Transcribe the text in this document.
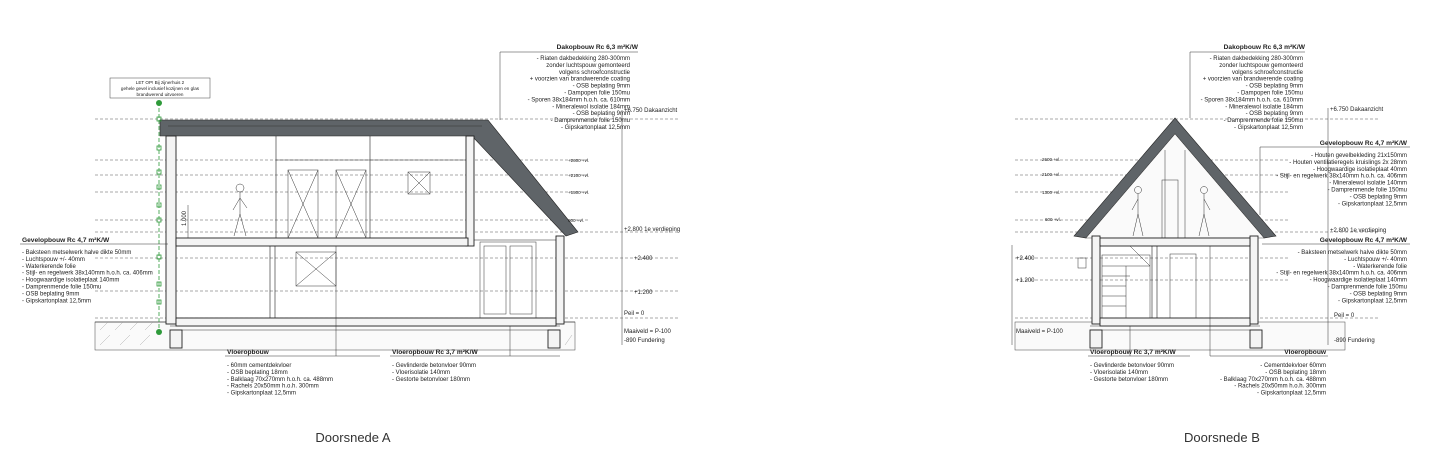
1.000
LET OP! Bij zijnerhuis 2
gehele gevel inclusief kozijnen en glas
brandwerend uitvoeren
+2600 +vl.
+2100 +vl.
+1500 +vl.
600 +vl.
+6.750 Dakaanzicht
+2.800 1e verdieping
+2.400
+1.200
Peil = 0
Maaiveld = P-100
-890 Fundering
Dakopbouw Rc 6,3 m²K/W
- Riaten dakbedekking 280-300mm
zonder luchtspouw gemonteerd
volgens schroefconstructie
+ voorzien van brandwerende coating
- OSB beplating 9mm
- Dampopen folie 150mu
- Sporen 38x184mm h.o.h. ca. 610mm
- Mineralewol isolatie 184mm
- OSB beplating 9mm
- Damprenmende folie 150mu
- Gipskartonplaat 12,5mm
Gevelopbouw Rc 4,7 m²K/W
- Baksteen metselwerk halve dikte 50mm
- Luchtspouw +/- 40mm
- Waterkerende folie
- Stijl- en regelwerk 38x140mm h.o.h. ca. 406mm
- Hoogwaardige isolatieplaat 140mm
- Damprenmende folie 150mu
- OSB beplating 9mm
- Gipskartonplaat 12,5mm
Vloeropbouw
- 60mm cementdekvloer
- OSB beplating 18mm
- Balklaag 70x270mm h.o.h. ca. 488mm
- Rachels 20x50mm h.o.h. 300mm
- Gipskartonplaat 12,5mm
Vloeropbouw Rc 3,7 m²K/W
- Gevlinderde betonvloer 90mm
- Vloerisolatie 140mm
- Gestorte betonvloer 180mm
Doorsnede A
2600 +vl.
2100 +vl.
1300 +vl.
600 +vl.
+2.400
+1.200
Maaiveld = P-100
+6.750 Dakaanzicht
+2.800 1e verdieping
Peil = 0
-890 Fundering
Dakopbouw Rc 6,3 m²K/W
- Riaten dakbedekking 280-300mm
zonder luchtspouw gemonteerd
volgens schroefconstructie
+ voorzien van brandwerende coating
- OSB beplating 9mm
- Dampopen folie 150mu
- Sporen 38x184mm h.o.h. ca. 610mm
- Mineralewol isolatie 184mm
- OSB beplating 9mm
- Damprenmende folie 150mu
- Gipskartonplaat 12,5mm
Gevelopbouw Rc 4,7 m²K/W
- Houten gevelbekleding 21x150mm
- Houten ventilatieregels kruislings 2x 28mm
- Hoogwaardige isolatieplaat 40mm
- Stijl- en regelwerk 38x140mm h.o.h. ca. 406mm
- Mineralewol isolatie 140mm
- Damprenmende folie 150mu
- OSB beplating 9mm
- Gipskartonplaat 12,5mm
Gevelopbouw Rc 4,7 m²K/W
- Baksteen metselwerk halve dikte 50mm
- Luchtspouw +/- 40mm
- Waterkerende folie
- Stijl- en regelwerk 38x140mm h.o.h. ca. 406mm
- Hoogwaardige isolatieplaat 140mm
- Damprenmende folie 150mu
- OSB beplating 9mm
- Gipskartonplaat 12,5mm
Vloeropbouw Rc 3,7 m²K/W
- Gevlinderde betonvloer 90mm
- Vloerisolatie 140mm
- Gestorte betonvloer 180mm
Vloeropbouw
- Cementdekvloer 60mm
- OSB beplating 18mm
- Balklaag 70x270mm h.o.h. ca. 488mm
- Rachels 20x50mm h.o.h. 300mm
- Gipskartonplaat 12,5mm
Doorsnede B
